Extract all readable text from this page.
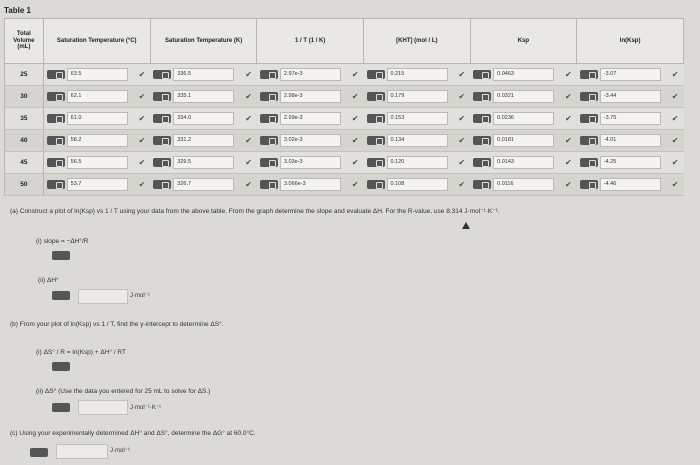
Table 1
Total Volume (mL)	Saturation Temperature (°C)		Saturation Temperature (K)		1 / T (1 / K)		[KHT] (mol / L)		Ksp		ln(Ksp)	
25	63.5	✔	336.5	✔	2.97e-3	✔	0.215	✔	0.0463	✔	-3.07	✔
30	62.1	✔	335.1	✔	2.98e-3	✔	0.179	✔	0.0321	✔	-3.44	✔
35	61.0	✔	334.0	✔	2.99e-3	✔	0.153	✔	0.0236	✔	-3.75	✔
40	58.2	✔	331.2	✔	3.02e-3	✔	0.134	✔	0.0181	✔	-4.01	✔
45	56.5	✔	329.5	✔	3.03e-3	✔	0.120	✔	0.0143	✔	-4.25	✔
50	53.7	✔	326.7	✔	3.066e-3	✔	0.108	✔	0.0116	✔	-4.46	✔
(a) Construct a plot of ln(Ksp) vs 1 / T using your data from the above table. From the graph determine the slope and evaluate ΔH. For the R-value, use 8.314 J·mol⁻¹·K⁻¹.
(i) slope = −ΔH°/R
(ii) ΔH°
J·mol⁻¹
(b) From your plot of ln(Ksp) vs 1 / T, find the y-intercept to determine ΔS°.
(i) ΔS° / R = ln(Ksp) + ΔH° / RT
(ii) ΔS° (Use the data you entered for 25 mL to solve for ΔS.)
J·mol⁻¹·K⁻¹
(c) Using your experimentally determined ΔH° and ΔS°, determine the ΔG° at 60.0°C.
J·mol⁻¹
